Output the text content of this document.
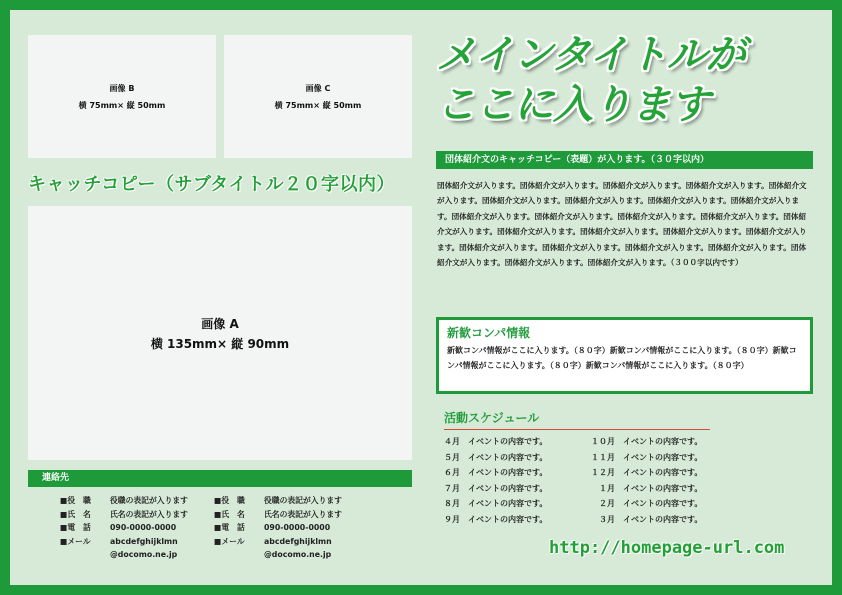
画像 B
横 75mm× 縦 50mm
画像 C
横 75mm× 縦 50mm
キャッチコピー（サブタイトル２０字以内）
画像 A
横 135mm× 縦 90mm
メインタイトルが
ここに入ります
団体紹介文のキャッチコピー（表題）が入ります。（３０字以内）
団体紹介文が入ります。団体紹介文が入ります。団体紹介文が入ります。団体紹介文が入ります。団体紹介文が入ります。団体紹介文が入ります。団体紹介文が入ります。団体紹介文が入ります。団体紹介文が入ります。団体紹介文が入ります。団体紹介文が入ります。団体紹介文が入ります。団体紹介文が入ります。団体紹介文が入ります。団体紹介文が入ります。団体紹介文が入ります。団体紹介文が入ります。団体紹介文が入ります。団体紹介文が入ります。団体紹介文が入ります。団体紹介文が入ります。団体紹介文が入ります。団体紹介文が入ります。団体紹介文が入ります。団体紹介文が入ります。（３００字以内です）
新歓コンパ情報
新歓コンパ情報がここに入ります。（８０字）新歓コンパ情報がここに入ります。（８０字）新歓コンパ情報がここに入ります。（８０字）新歓コンパ情報がここに入ります。（８０字）
活動スケジュール
４月　イベントの内容です。	１０月　イベントの内容です。
５月　イベントの内容です。	１１月　イベントの内容です。
６月　イベントの内容です。	１２月　イベントの内容です。
７月　イベントの内容です。	　１月　イベントの内容です。
８月　イベントの内容です。	　２月　イベントの内容です。
９月　イベントの内容です。	　３月　イベントの内容です。
http://homepage-url.com
連絡先
■役　職	役職の表記が入ります
■氏　名	氏名の表記が入ります
■電　話	090-0000-0000
■メール	abcdefghijklmn
@docomo.ne.jp
■役　職	役職の表記が入ります
■氏　名	氏名の表記が入ります
■電　話	090-0000-0000
■メール	abcdefghijklmn
@docomo.ne.jp
